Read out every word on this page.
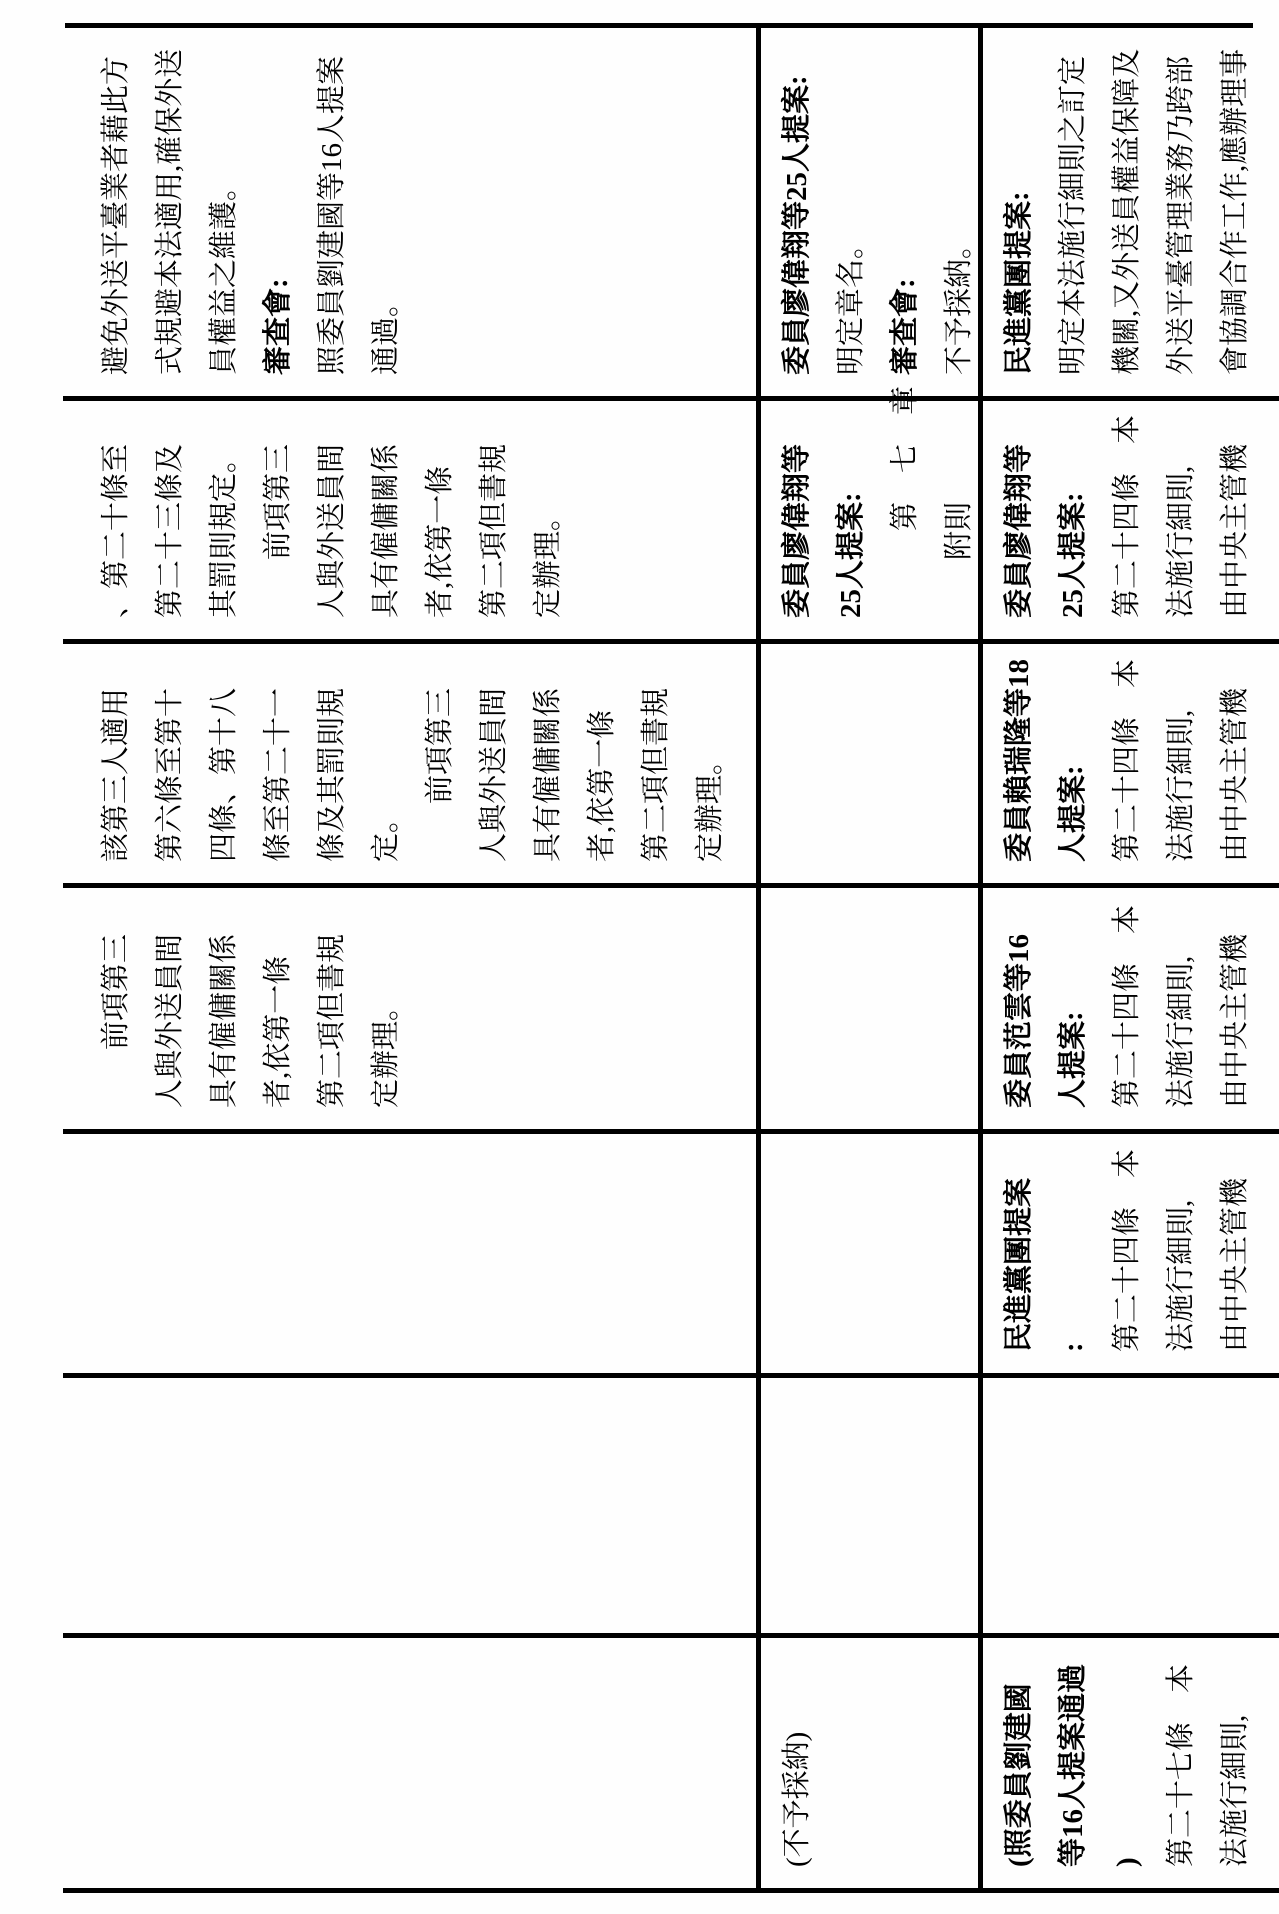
　　前項第三 人與外送員間 具有僱傭關係 者,依第一條 第二項但書規 定辦理。
該第三人適用 第六條至第十 四條、第十八 條至第二十一 條及其罰則規 定。 　　前項第三 人與外送員間 具有僱傭關係 者,依第一條 第二項但書規 定辦理。
、第二十條至 第二十三條及 其罰則規定。 　　前項第三 人與外送員間 具有僱傭關係 者,依第一條 第二項但書規 定辦理。
避免外送平臺業者藉此方 式規避本法適用,確保外送 員權益之維護。 審查會: 照委員劉建國等16人提案 通過。
(不予採納)
委員廖偉翔等 25人提案: 　　　第　七　章 　　附則
委員廖偉翔等25人提案: 明定章名。 審查會: 不予採納。
(照委員劉建國 等16人提案通過 ) 第二十七條　本 法施行細則,
民進黨團提案 : 第二十四條　本 法施行細則, 由中央主管機
委員范雲等16 人提案: 第二十四條　本 法施行細則, 由中央主管機
委員賴瑞隆等18 人提案: 第二十四條　本 法施行細則, 由中央主管機
委員廖偉翔等 25人提案: 第二十四條　本 法施行細則, 由中央主管機
民進黨團提案: 明定本法施行細則之訂定 機關,又外送員權益保障及 外送平臺管理業務乃跨部 會協調合作工作,應辦理事
